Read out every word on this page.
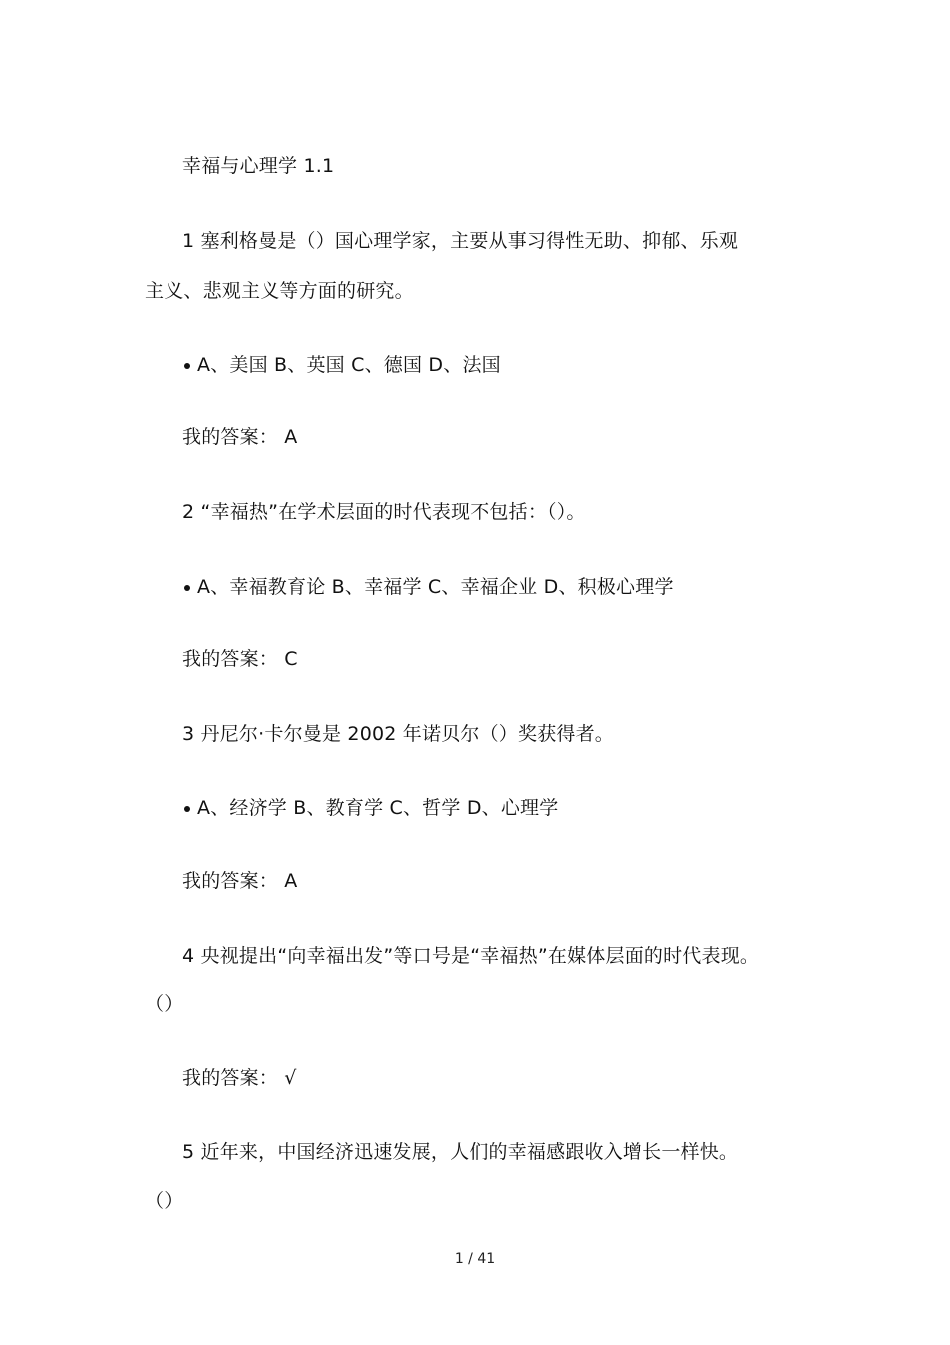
幸福与心理学 1.1
1 塞利格曼是（）国心理学家，主要从事习得性无助、抑郁、乐观
主义、悲观主义等方面的研究。
A、美国 B、英国 C、德国 D、法国
我的答案： A
2 “幸福热”在学术层面的时代表现不包括：（）。
A、幸福教育论 B、幸福学 C、幸福企业 D、积极心理学
我的答案： C
3 丹尼尔·卡尔曼是 2002 年诺贝尔（）奖获得者。
A、经济学 B、教育学 C、哲学 D、心理学
我的答案： A
4 央视提出“向幸福出发”等口号是“幸福热”在媒体层面的时代表现。
（）
我的答案： √
5 近年来，中国经济迅速发展，人们的幸福感跟收入增长一样快。
（）
1 / 41
